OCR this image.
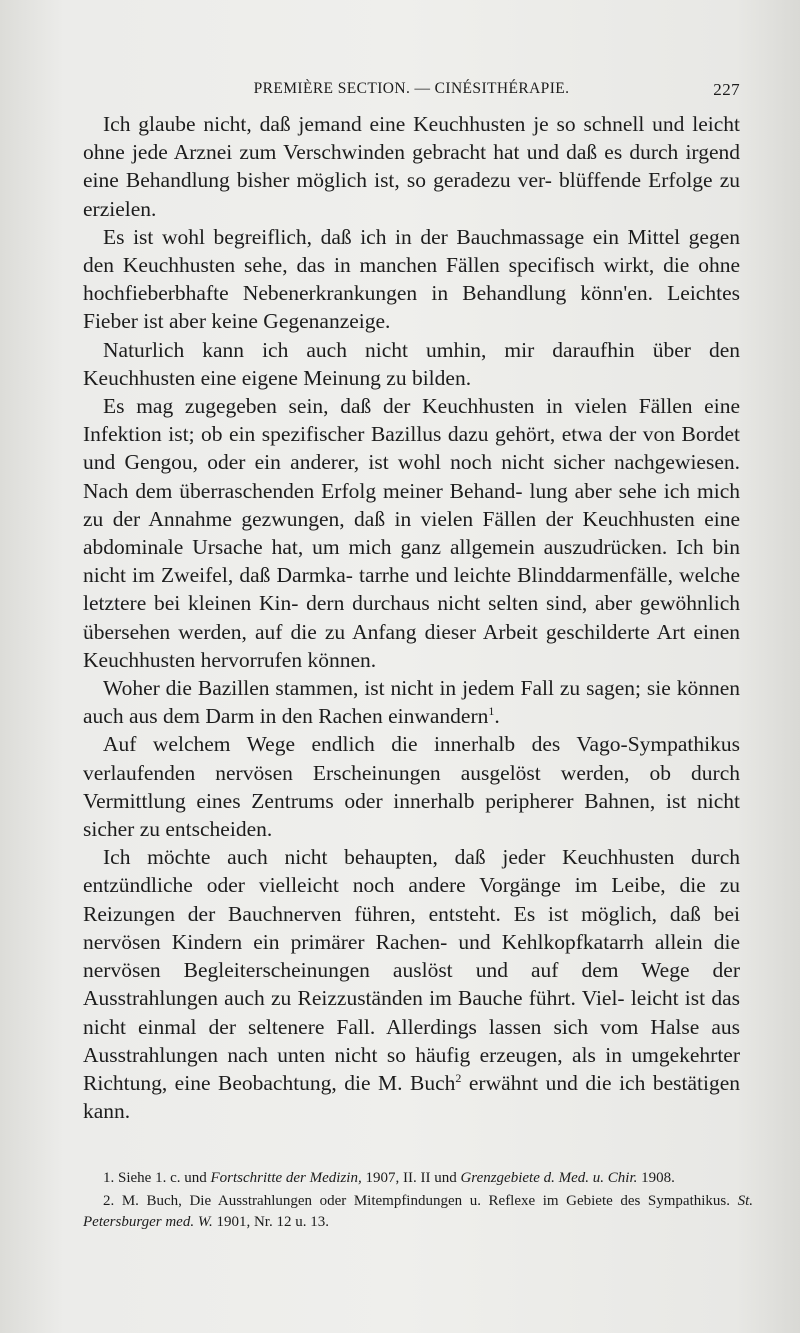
PREMIÈRE SECTION. — CINÉSITHÉRAPIE.	227

Ich glaube nicht, daß jemand eine Keuchhusten je so schnell und leicht ohne jede Arznei zum Verschwinden gebracht hat und daß es durch irgend eine Behandlung bisher möglich ist, so geradezu ver- blüffende Erfolge zu erzielen.

Es ist wohl begreiflich, daß ich in der Bauchmassage ein Mittel gegen den Keuchhusten sehe, das in manchen Fällen specifisch wirkt, die ohne hochfieberbhafte Nebenerkrankungen in Behandlung könn'en. Leichtes Fieber ist aber keine Gegenanzeige.

Naturlich kann ich auch nicht umhin, mir daraufhin über den Keuchhusten eine eigene Meinung zu bilden.

Es mag zugegeben sein, daß der Keuchhusten in vielen Fällen eine Infektion ist; ob ein spezifischer Bazillus dazu gehört, etwa der von Bordet und Gengou, oder ein anderer, ist wohl noch nicht sicher nachgewiesen. Nach dem überraschenden Erfolg meiner Behand- lung aber sehe ich mich zu der Annahme gezwungen, daß in vielen Fällen der Keuchhusten eine abdominale Ursache hat, um mich ganz allgemein auszudrücken. Ich bin nicht im Zweifel, daß Darmka- tarrhe und leichte Blinddarmenfälle, welche letztere bei kleinen Kin- dern durchaus nicht selten sind, aber gewöhnlich übersehen werden, auf die zu Anfang dieser Arbeit geschilderte Art einen Keuchhusten hervorrufen können.

Woher die Bazillen stammen, ist nicht in jedem Fall zu sagen; sie können auch aus dem Darm in den Rachen einwandern$^1$.

Auf welchem Wege endlich die innerhalb des Vago-Sympathikus verlaufenden nervösen Erscheinungen ausgelöst werden, ob durch Vermittlung eines Zentrums oder innerhalb peripherer Bahnen, ist nicht sicher zu entscheiden.

Ich möchte auch nicht behaupten, daß jeder Keuchhusten durch entzündliche oder vielleicht noch andere Vorgänge im Leibe, die zu Reizungen der Bauchnerven führen, entsteht. Es ist möglich, daß bei nervösen Kindern ein primärer Rachen- und Kehlkopfkatarrh allein die nervösen Begleiterscheinungen auslöst und auf dem Wege der Ausstrahlungen auch zu Reizzuständen im Bauche führt. Viel- leicht ist das nicht einmal der seltenere Fall. Allerdings lassen sich vom Halse aus Ausstrahlungen nach unten nicht so häufig erzeugen, als in umgekehrter Richtung, eine Beobachtung, die M. Buch$^2$ erwähnt und die ich bestätigen kann.

1. Siehe 1. c. und Fortschritte der Medizin, 1907, II. II und Grenzgebiete d. Med. u. Chir. 1908.

2. M. Buch, Die Ausstrahlungen oder Mitempfindungen u. Reflexe im Gebiete des Sympathikus. St. Petersburger med. W. 1901, Nr. 12 u. 13.
